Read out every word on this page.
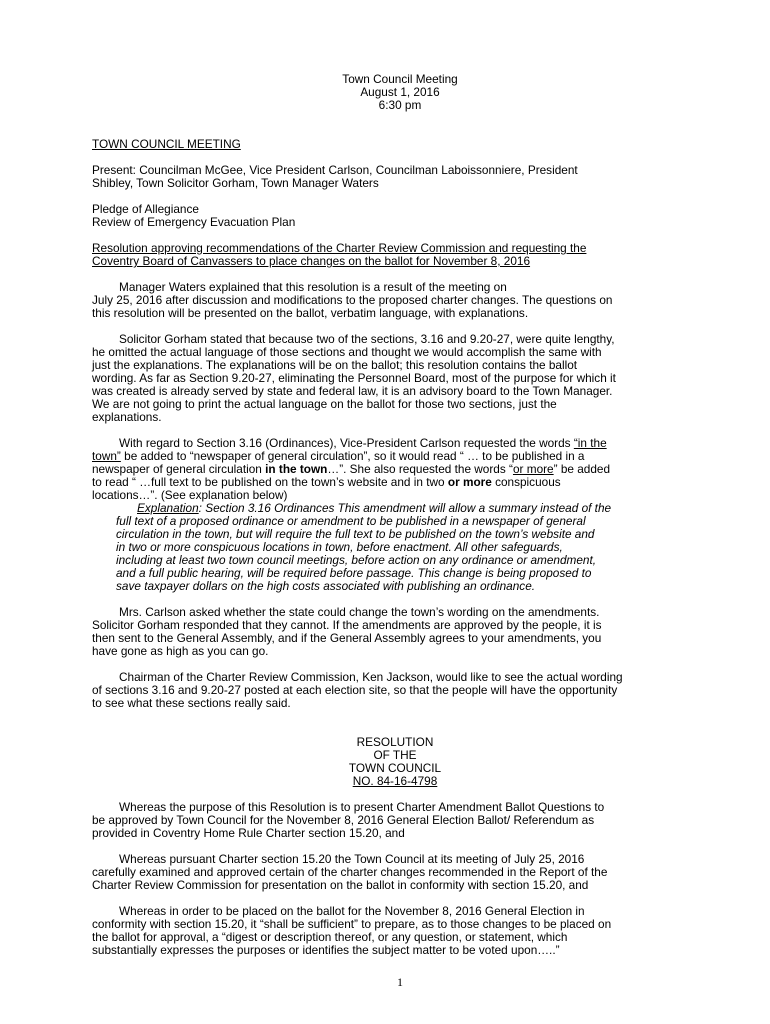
Town Council Meeting
August 1, 2016
6:30 pm
TOWN COUNCIL MEETING
Present: Councilman McGee, Vice President Carlson, Councilman Laboissonniere, President
Shibley, Town Solicitor Gorham, Town Manager Waters
Pledge of Allegiance
Review of Emergency Evacuation Plan
Resolution approving recommendations of the Charter Review Commission and requesting the
Coventry Board of Canvassers to place changes on the ballot for November 8, 2016
Manager Waters explained that this resolution is a result of the meeting on
July 25, 2016 after discussion and modifications to the proposed charter changes. The questions on
this resolution will be presented on the ballot, verbatim language, with explanations.
Solicitor Gorham stated that because two of the sections, 3.16 and 9.20-27, were quite lengthy,
he omitted the actual language of those sections and thought we would accomplish the same with
just the explanations. The explanations will be on the ballot; this resolution contains the ballot
wording. As far as Section 9.20-27, eliminating the Personnel Board, most of the purpose for which it
was created is already served by state and federal law, it is an advisory board to the Town Manager.
We are not going to print the actual language on the ballot for those two sections, just the
explanations.
With regard to Section 3.16 (Ordinances), Vice-President Carlson requested the words “in the
town” be added to “newspaper of general circulation”, so it would read “ … to be published in a
newspaper of general circulation in the town…”. She also requested the words “or more” be added
to read “ …full text to be published on the town’s website and in two or more conspicuous
locations…”. (See explanation below)
Explanation: Section 3.16 Ordinances This amendment will allow a summary instead of the
full text of a proposed ordinance or amendment to be published in a newspaper of general
circulation in the town, but will require the full text to be published on the town’s website and
in two or more conspicuous locations in town, before enactment. All other safeguards,
including at least two town council meetings, before action on any ordinance or amendment,
and a full public hearing, will be required before passage. This change is being proposed to
save taxpayer dollars on the high costs associated with publishing an ordinance.
Mrs. Carlson asked whether the state could change the town’s wording on the amendments.
Solicitor Gorham responded that they cannot. If the amendments are approved by the people, it is
then sent to the General Assembly, and if the General Assembly agrees to your amendments, you
have gone as high as you can go.
Chairman of the Charter Review Commission, Ken Jackson, would like to see the actual wording
of sections 3.16 and 9.20-27 posted at each election site, so that the people will have the opportunity
to see what these sections really said.
RESOLUTION
OF THE
TOWN COUNCIL
NO. 84-16-4798
Whereas the purpose of this Resolution is to present Charter Amendment Ballot Questions to
be approved by Town Council for the November 8, 2016 General Election Ballot/ Referendum as
provided in Coventry Home Rule Charter section 15.20, and
Whereas pursuant Charter section 15.20 the Town Council at its meeting of July 25, 2016
carefully examined and approved certain of the charter changes recommended in the Report of the
Charter Review Commission for presentation on the ballot in conformity with section 15.20, and
Whereas in order to be placed on the ballot for the November 8, 2016 General Election in
conformity with section 15.20, it “shall be sufficient” to prepare, as to those changes to be placed on
the ballot for approval, a “digest or description thereof, or any question, or statement, which
substantially expresses the purposes or identifies the subject matter to be voted upon…..”
1
